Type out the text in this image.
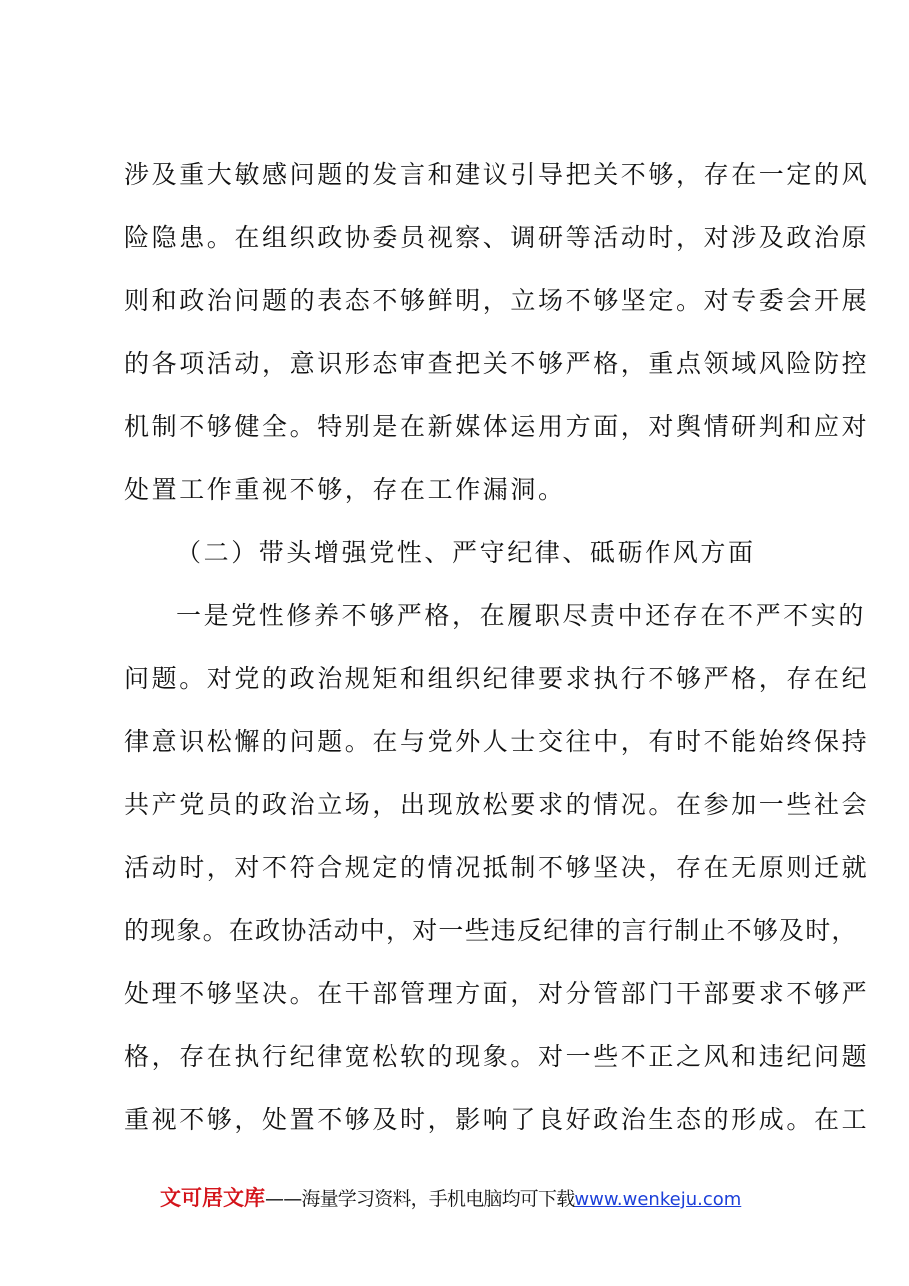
涉及重大敏感问题的发言和建议引导把关不够，存在一定的风
险隐患。在组织政协委员视察、调研等活动时，对涉及政治原
则和政治问题的表态不够鲜明，立场不够坚定。对专委会开展
的各项活动，意识形态审查把关不够严格，重点领域风险防控
机制不够健全。特别是在新媒体运用方面，对舆情研判和应对
处置工作重视不够，存在工作漏洞。
（二）带头增强党性、严守纪律、砥砺作风方面
一是党性修养不够严格，在履职尽责中还存在不严不实的
问题。对党的政治规矩和组织纪律要求执行不够严格，存在纪
律意识松懈的问题。在与党外人士交往中，有时不能始终保持
共产党员的政治立场，出现放松要求的情况。在参加一些社会
活动时，对不符合规定的情况抵制不够坚决，存在无原则迁就
的现象。在政协活动中，对一些违反纪律的言行制止不够及时，
处理不够坚决。在干部管理方面，对分管部门干部要求不够严
格，存在执行纪律宽松软的现象。对一些不正之风和违纪问题
重视不够，处置不够及时，影响了良好政治生态的形成。在工
文可居文库——海量学习资料，手机电脑均可下载www.wenkeju.com
